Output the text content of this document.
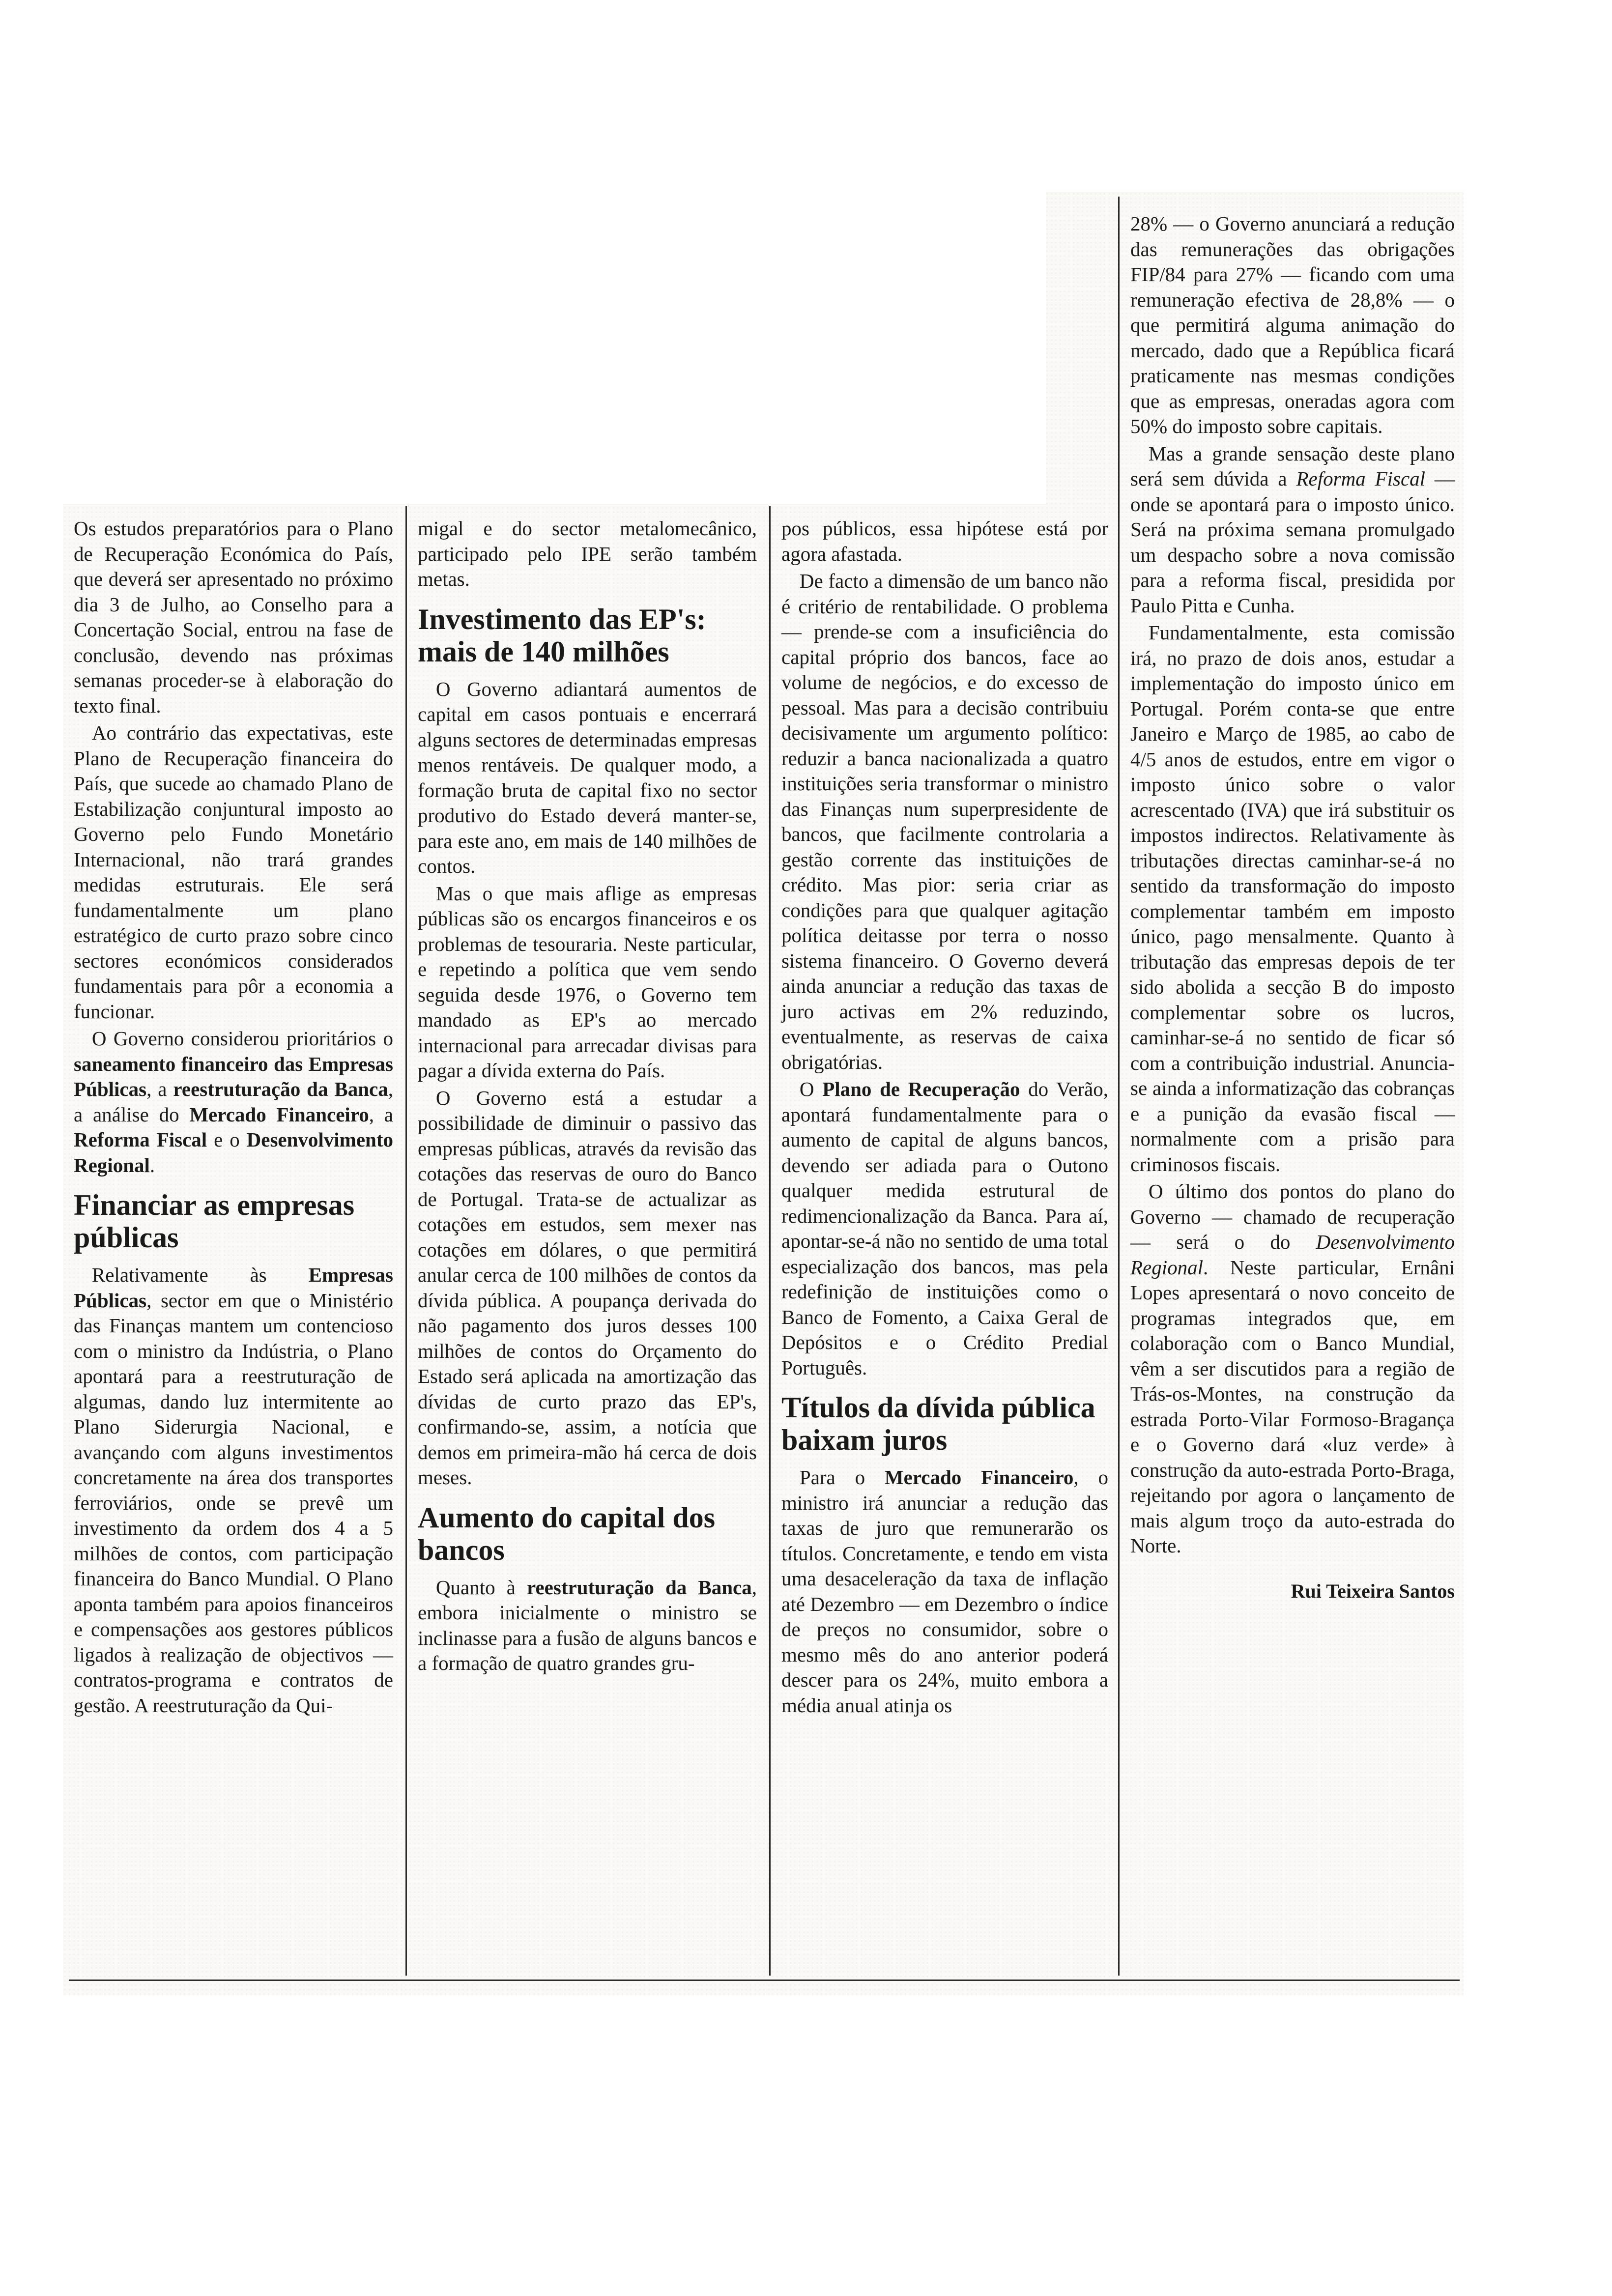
Os estudos preparatórios para o Plano de Recuperação Económica do País, que deverá ser apresentado no próximo dia 3 de Julho, ao Conselho para a Concertação Social, entrou na fase de conclusão, devendo nas próximas semanas proceder-se à elaboração do texto final.

Ao contrário das expectativas, este Plano de Recuperação financeira do País, que sucede ao chamado Plano de Estabilização conjuntural imposto ao Governo pelo Fundo Monetário Internacional, não trará grandes medidas estruturais. Ele será fundamentalmente um plano estratégico de curto prazo sobre cinco sectores económicos considerados fundamentais para pôr a economia a funcionar.

O Governo considerou prioritários o saneamento financeiro das Empresas Públicas, a reestruturação da Banca, a análise do Mercado Financeiro, a Reforma Fiscal e o Desenvolvimento Regional.

Financiar as empresas públicas

Relativamente às Empresas Públicas, sector em que o Ministério das Finanças mantem um contencioso com o ministro da Indústria, o Plano apontará para a reestruturação de algumas, dando luz intermitente ao Plano Siderurgia Nacional, e avançando com alguns investimentos concretamente na área dos transportes ferroviários, onde se prevê um investimento da ordem dos 4 a 5 milhões de contos, com participação financeira do Banco Mundial. O Plano aponta também para apoios financeiros e compensações aos gestores públicos ligados à realização de objectivos — contratos-programa e contratos de gestão. A reestruturação da Qui-

migal e do sector metalomecânico, participado pelo IPE serão também metas.

Investimento das EP's: mais de 140 milhões

O Governo adiantará aumentos de capital em casos pontuais e encerrará alguns sectores de determinadas empresas menos rentáveis. De qualquer modo, a formação bruta de capital fixo no sector produtivo do Estado deverá manter-se, para este ano, em mais de 140 milhões de contos.

Mas o que mais aflige as empresas públicas são os encargos financeiros e os problemas de tesouraria. Neste particular, e repetindo a política que vem sendo seguida desde 1976, o Governo tem mandado as EP's ao mercado internacional para arrecadar divisas para pagar a dívida externa do País.

O Governo está a estudar a possibilidade de diminuir o passivo das empresas públicas, através da revisão das cotações das reservas de ouro do Banco de Portugal. Trata-se de actualizar as cotações em estudos, sem mexer nas cotações em dólares, o que permitirá anular cerca de 100 milhões de contos da dívida pública. A poupança derivada do não pagamento dos juros desses 100 milhões de contos do Orçamento do Estado será aplicada na amortização das dívidas de curto prazo das EP's, confirmando-se, assim, a notícia que demos em primeira-mão há cerca de dois meses.

Aumento do capital dos bancos

Quanto à reestruturação da Banca, embora inicialmente o ministro se inclinasse para a fusão de alguns bancos e a formação de quatro grandes gru-

pos públicos, essa hipótese está por agora afastada.

De facto a dimensão de um banco não é critério de rentabilidade. O problema — prende-se com a insuficiência do capital próprio dos bancos, face ao volume de negócios, e do excesso de pessoal. Mas para a decisão contribuiu decisivamente um argumento político: reduzir a banca nacionalizada a quatro instituições seria transformar o ministro das Finanças num superpresidente de bancos, que facilmente controlaria a gestão corrente das instituições de crédito. Mas pior: seria criar as condições para que qualquer agitação política deitasse por terra o nosso sistema financeiro. O Governo deverá ainda anunciar a redução das taxas de juro activas em 2% reduzindo, eventualmente, as reservas de caixa obrigatórias.

O Plano de Recuperação do Verão, apontará fundamentalmente para o aumento de capital de alguns bancos, devendo ser adiada para o Outono qualquer medida estrutural de redimencionalização da Banca. Para aí, apontar-se-á não no sentido de uma total especialização dos bancos, mas pela redefinição de instituições como o Banco de Fomento, a Caixa Geral de Depósitos e o Crédito Predial Português.

Títulos da dívida pública baixam juros

Para o Mercado Financeiro, o ministro irá anunciar a redução das taxas de juro que remunerarão os títulos. Concretamente, e tendo em vista uma desaceleração da taxa de inflação até Dezembro — em Dezembro o índice de preços no consumidor, sobre o mesmo mês do ano anterior poderá descer para os 24%, muito embora a média anual atinja os

28% — o Governo anunciará a redução das remunerações das obrigações FIP/84 para 27% — ficando com uma remuneração efectiva de 28,8% — o que permitirá alguma animação do mercado, dado que a República ficará praticamente nas mesmas condições que as empresas, oneradas agora com 50% do imposto sobre capitais.

Mas a grande sensação deste plano será sem dúvida a Reforma Fiscal — onde se apontará para o imposto único. Será na próxima semana promulgado um despacho sobre a nova comissão para a reforma fiscal, presidida por Paulo Pitta e Cunha.

Fundamentalmente, esta comissão irá, no prazo de dois anos, estudar a implementação do imposto único em Portugal. Porém conta-se que entre Janeiro e Março de 1985, ao cabo de 4/5 anos de estudos, entre em vigor o imposto único sobre o valor acrescentado (IVA) que irá substituir os impostos indirectos. Relativamente às tributações directas caminhar-se-á no sentido da transformação do imposto complementar também em imposto único, pago mensalmente. Quanto à tributação das empresas depois de ter sido abolida a secção B do imposto complementar sobre os lucros, caminhar-se-á no sentido de ficar só com a contribuição industrial. Anuncia-se ainda a informatização das cobranças e a punição da evasão fiscal — normalmente com a prisão para criminosos fiscais.

O último dos pontos do plano do Governo — chamado de recuperação — será o do Desenvolvimento Regional. Neste particular, Ernâni Lopes apresentará o novo conceito de programas integrados que, em colaboração com o Banco Mundial, vêm a ser discutidos para a região de Trás-os-Montes, na construção da estrada Porto-Vilar Formoso-Bragança e o Governo dará «luz verde» à construção da auto-estrada Porto-Braga, rejeitando por agora o lançamento de mais algum troço da auto-estrada do Norte.

Rui Teixeira Santos
